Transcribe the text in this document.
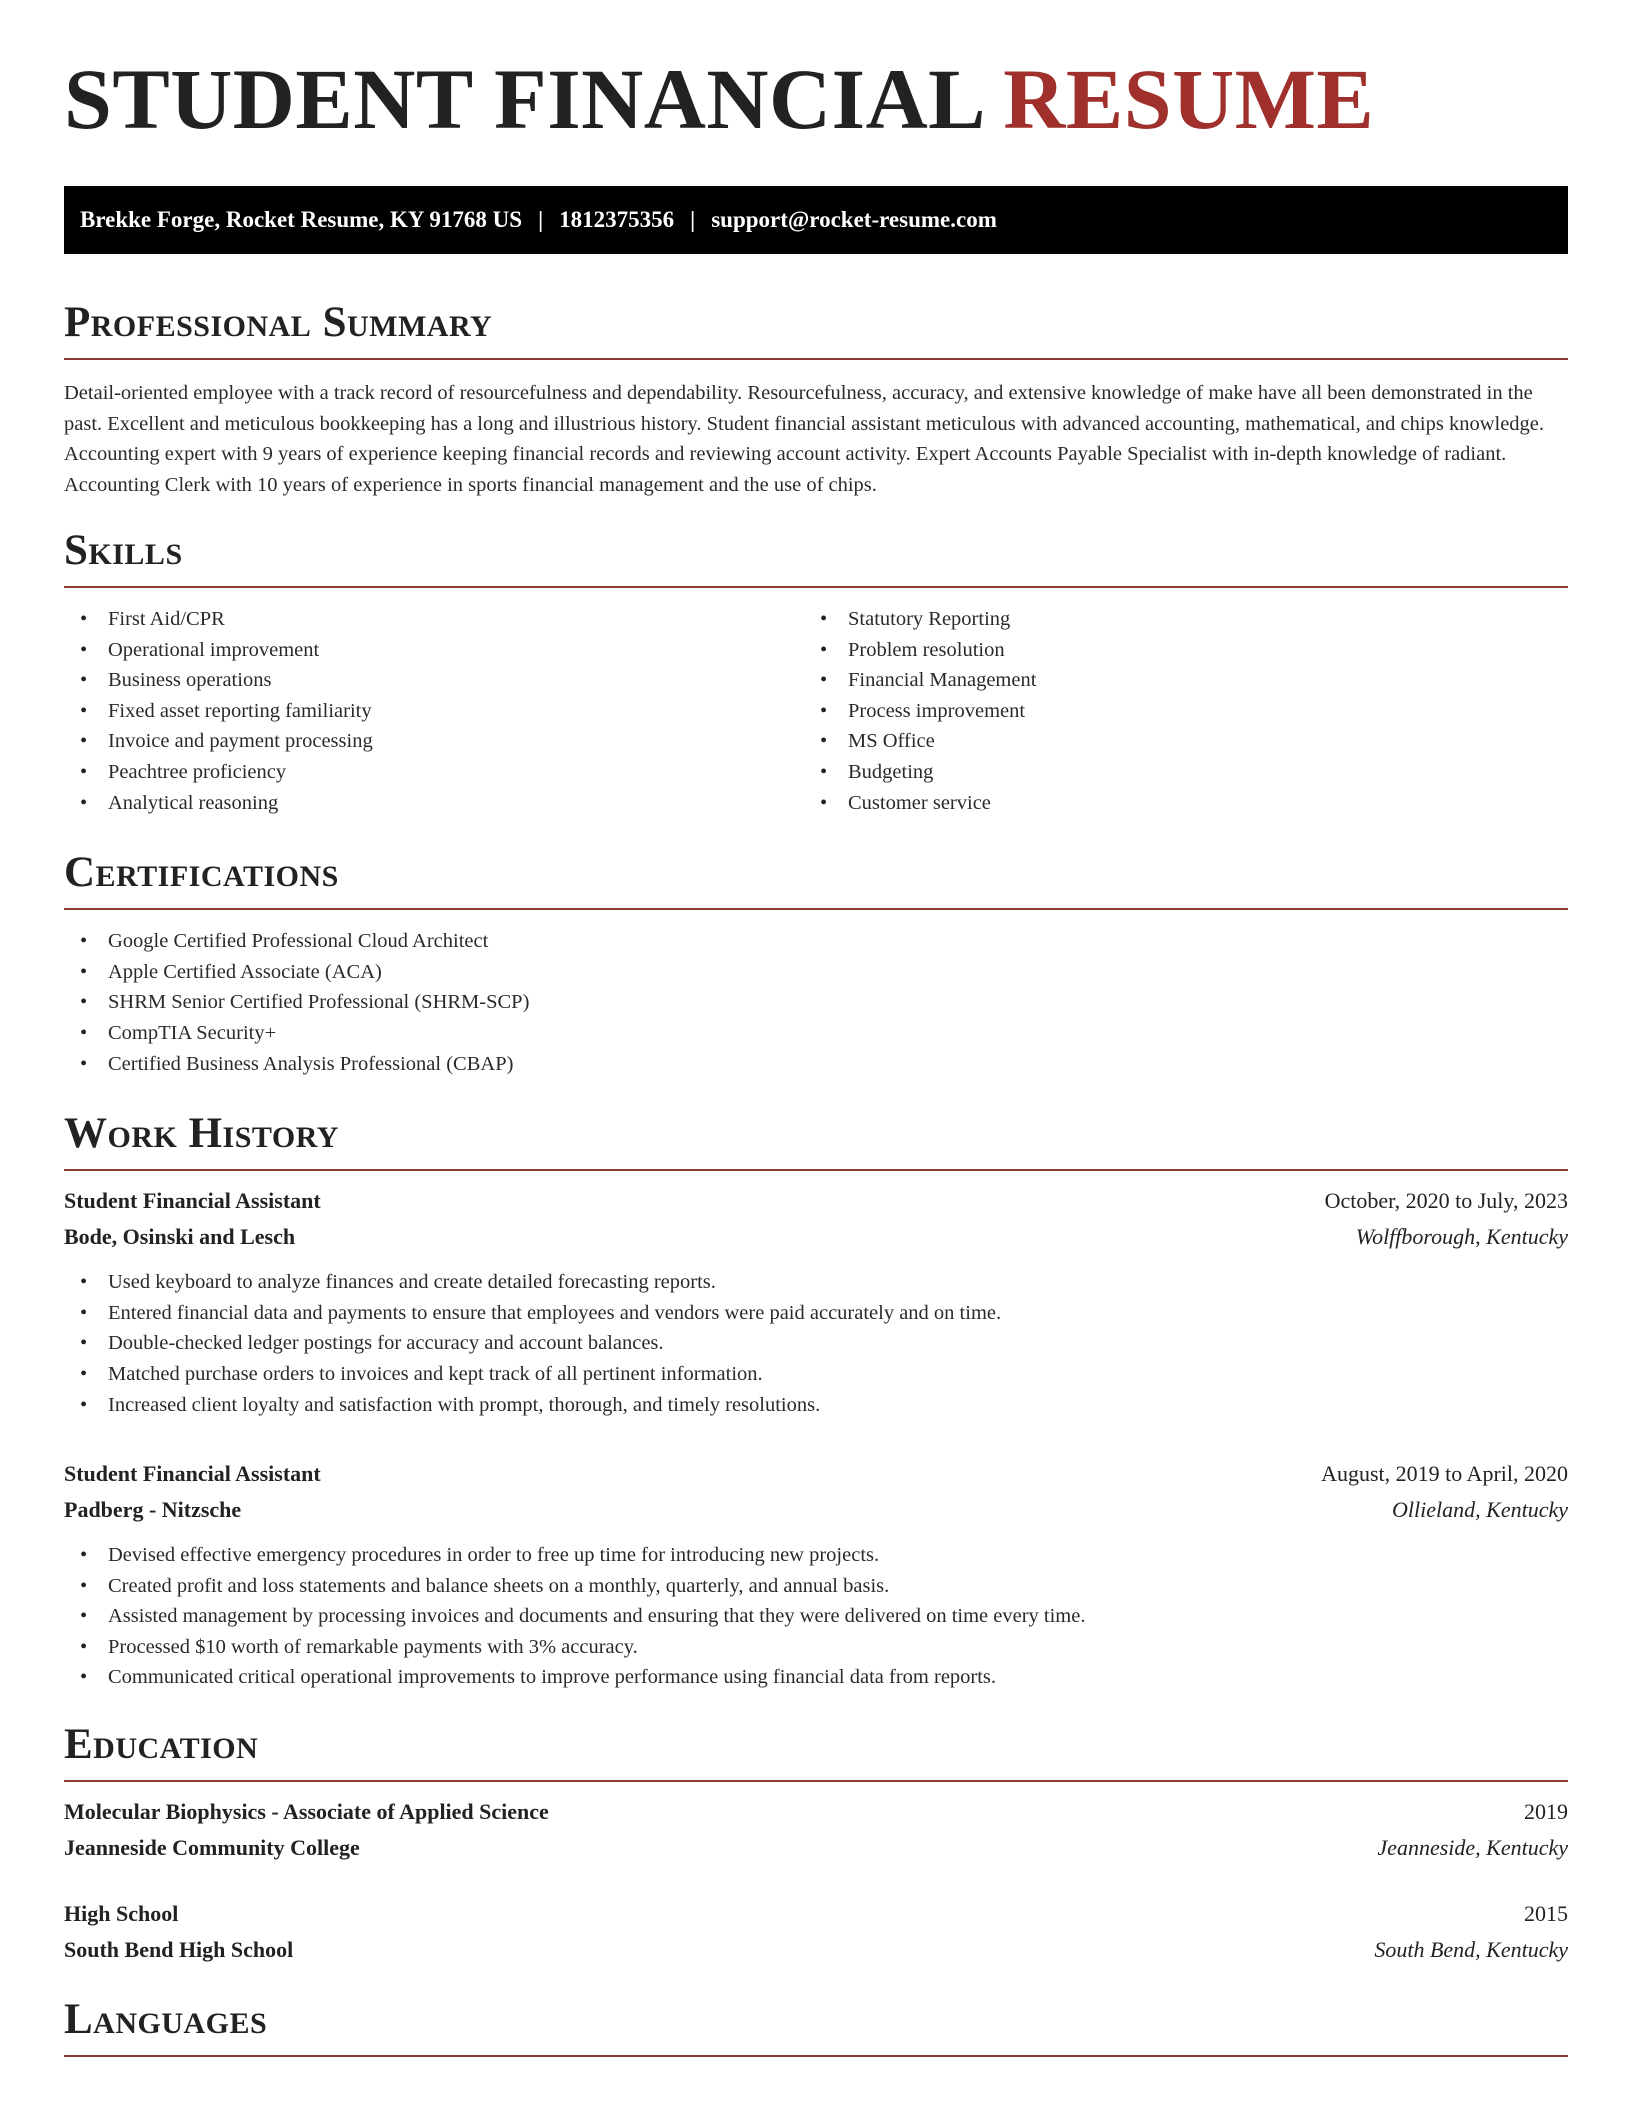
STUDENT FINANCIAL RESUME
Brekke Forge, Rocket Resume, KY 91768 US | 1812375356 | support@rocket-resume.com
Professional Summary

Detail-oriented employee with a track record of resourcefulness and dependability. Resourcefulness, accuracy, and extensive knowledge of make have all been demonstrated in the past. Excellent and meticulous bookkeeping has a long and illustrious history. Student financial assistant meticulous with advanced accounting, mathematical, and chips knowledge. Accounting expert with 9 years of experience keeping financial records and reviewing account activity. Expert Accounts Payable Specialist with in-depth knowledge of radiant. Accounting Clerk with 10 years of experience in sports financial management and the use of chips.

Skills
• First Aid/CPR
• Operational improvement
• Business operations
• Fixed asset reporting familiarity
• Invoice and payment processing
• Peachtree proficiency
• Analytical reasoning
• Statutory Reporting
• Problem resolution
• Financial Management
• Process improvement
• MS Office
• Budgeting
• Customer service
Certifications
• Google Certified Professional Cloud Architect
• Apple Certified Associate (ACA)
• SHRM Senior Certified Professional (SHRM-SCP)
• CompTIA Security+
• Certified Business Analysis Professional (CBAP)
Work History
Student Financial Assistant	October, 2020 to July, 2023
Bode, Osinski and Lesch	Wolffborough, Kentucky
• Used keyboard to analyze finances and create detailed forecasting reports.
• Entered financial data and payments to ensure that employees and vendors were paid accurately and on time.
• Double-checked ledger postings for accuracy and account balances.
• Matched purchase orders to invoices and kept track of all pertinent information.
• Increased client loyalty and satisfaction with prompt, thorough, and timely resolutions.
Student Financial Assistant	August, 2019 to April, 2020
Padberg - Nitzsche	Ollieland, Kentucky
• Devised effective emergency procedures in order to free up time for introducing new projects.
• Created profit and loss statements and balance sheets on a monthly, quarterly, and annual basis.
• Assisted management by processing invoices and documents and ensuring that they were delivered on time every time.
• Processed $10 worth of remarkable payments with 3% accuracy.
• Communicated critical operational improvements to improve performance using financial data from reports.
Education
Molecular Biophysics - Associate of Applied Science	2019
Jeanneside Community College	Jeanneside, Kentucky
High School	2015
South Bend High School	South Bend, Kentucky
Languages
